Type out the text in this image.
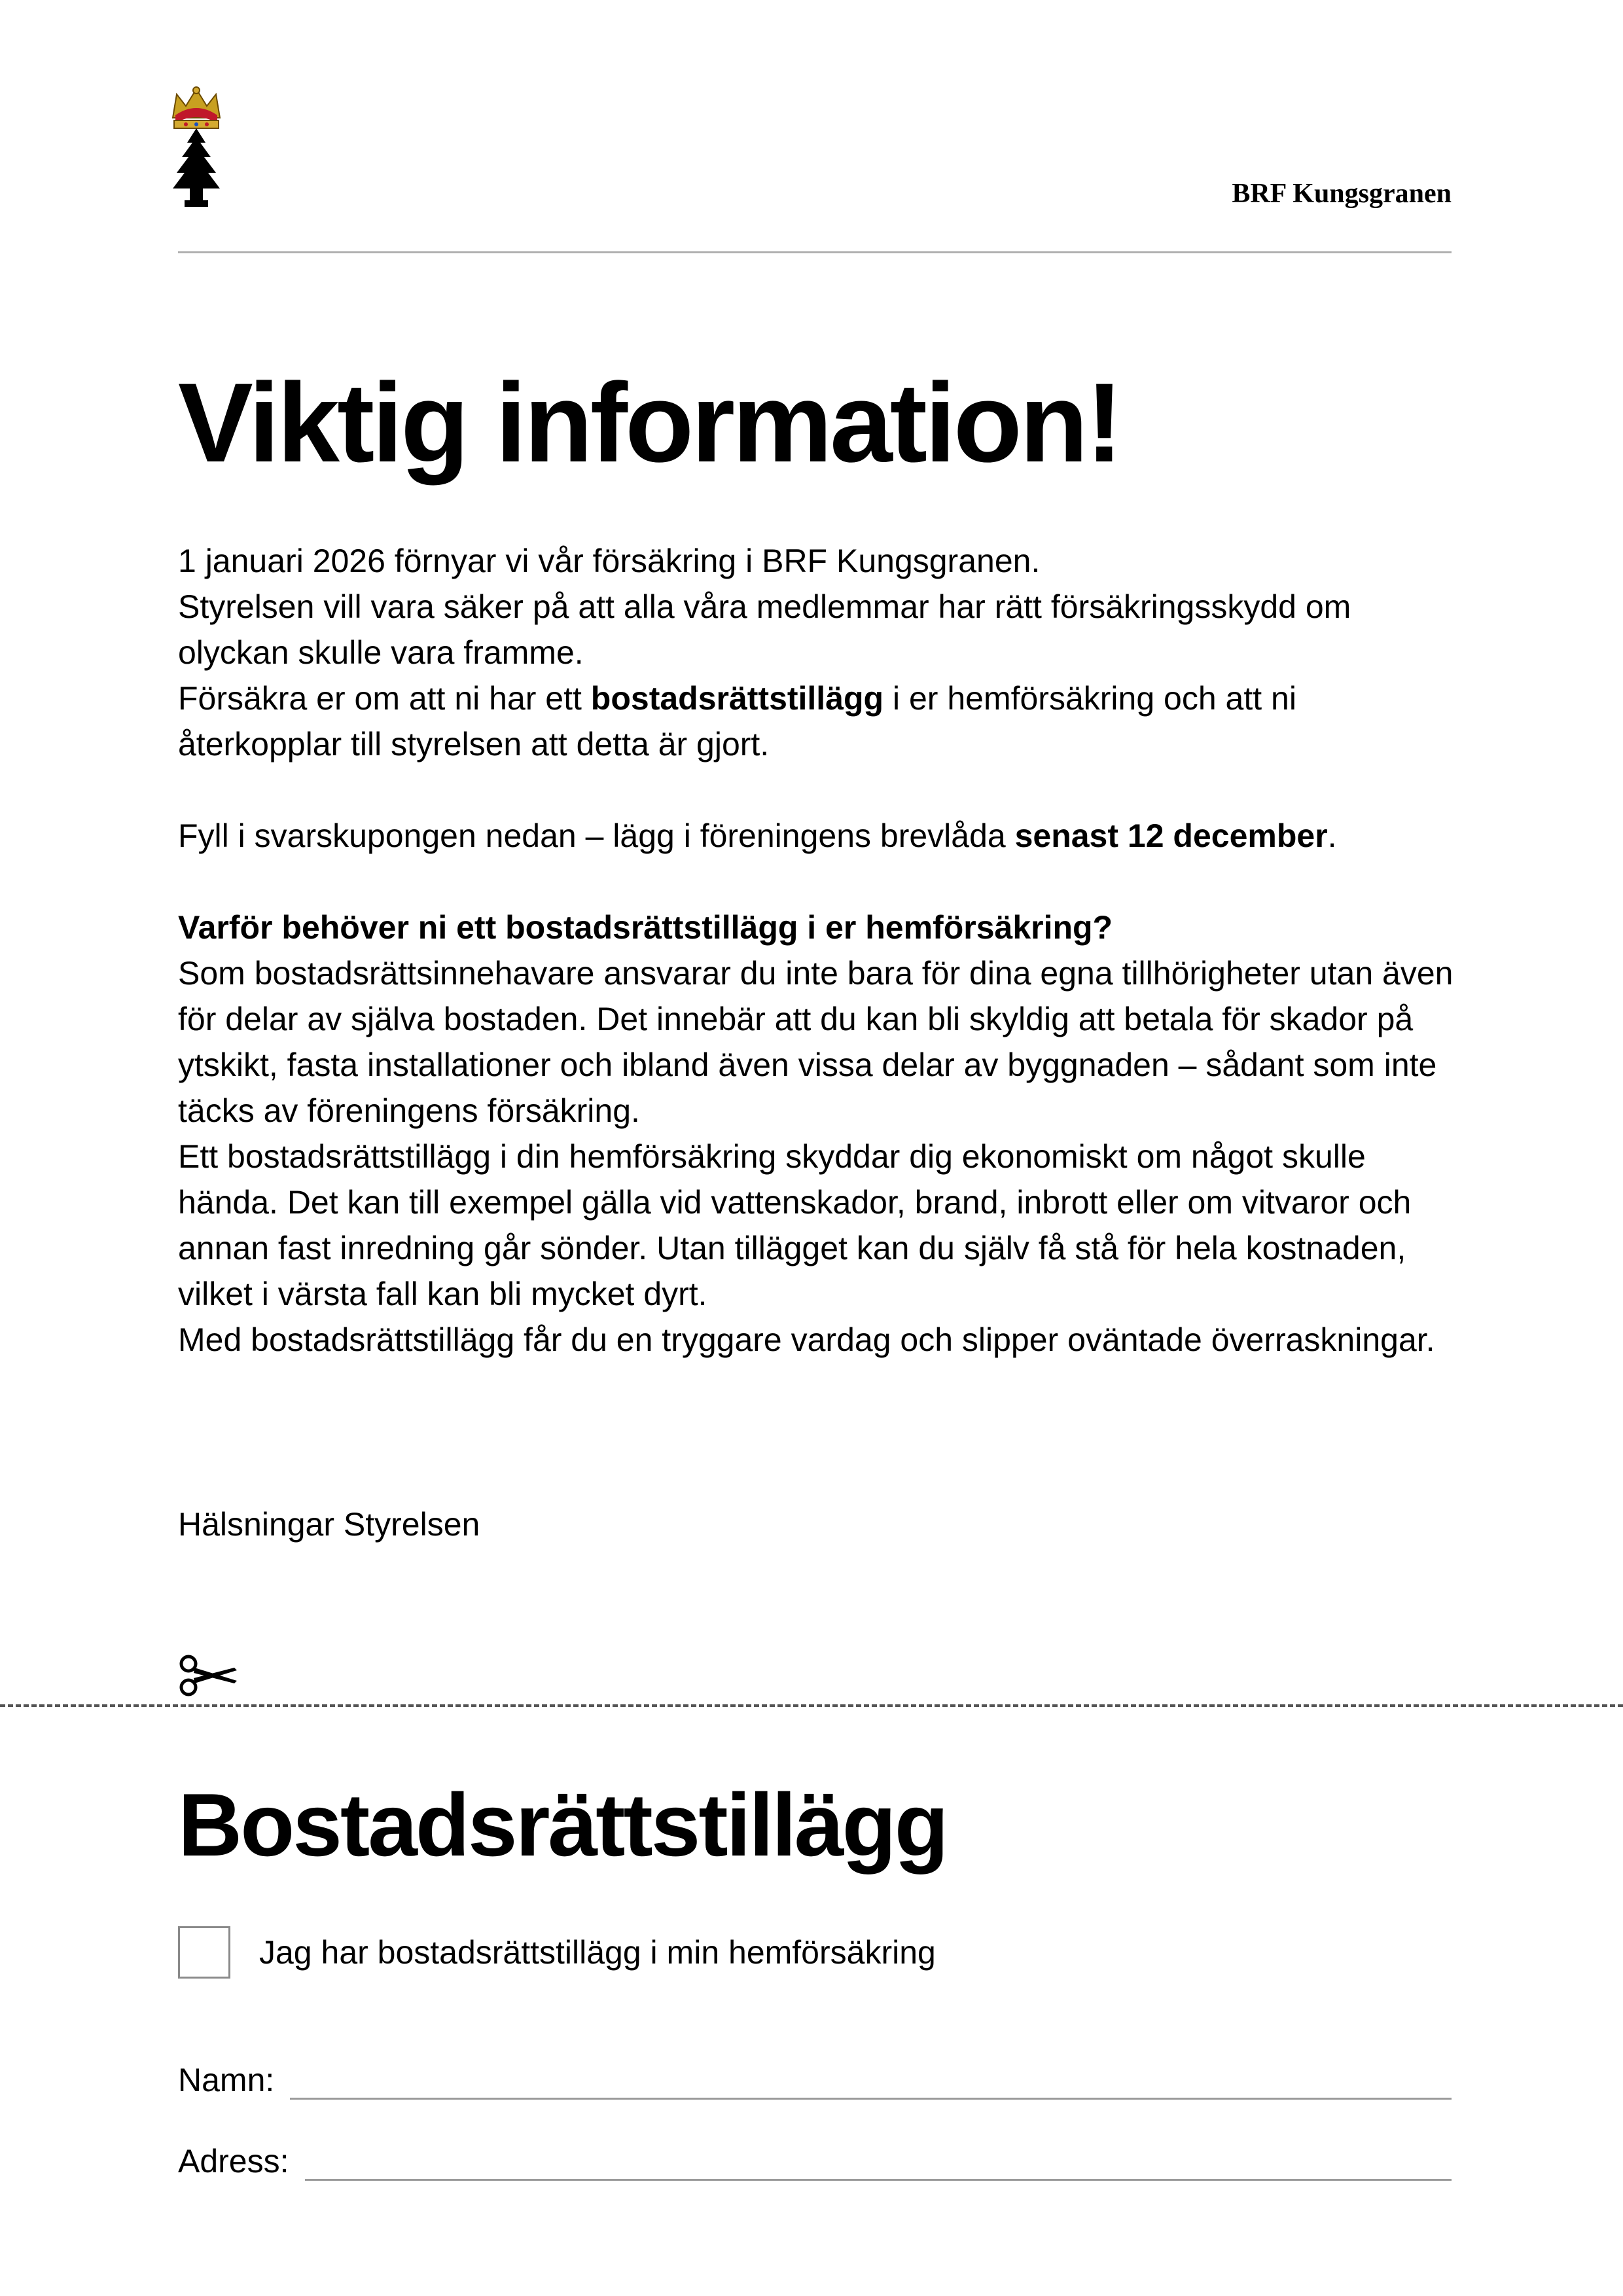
BRF Kungsgranen
Viktig information!

1 januari 2026 förnyar vi vår försäkring i BRF Kungsgranen.

Styrelsen vill vara säker på att alla våra medlemmar har rätt försäkringsskydd om olyckan skulle vara framme.

Försäkra er om att ni har ett bostadsrättstillägg i er hemförsäkring och att ni återkopplar till styrelsen att detta är gjort.

Fyll i svarskupongen nedan – lägg i föreningens brevlåda senast 12 december.

Varför behöver ni ett bostadsrättstillägg i er hemförsäkring?

Som bostadsrättsinnehavare ansvarar du inte bara för dina egna tillhörigheter utan även för delar av själva bostaden. Det innebär att du kan bli skyldig att betala för skador på ytskikt, fasta installationer och ibland även vissa delar av byggnaden – sådant som inte täcks av föreningens försäkring.

Ett bostadsrättstillägg i din hemförsäkring skyddar dig ekonomiskt om något skulle hända. Det kan till exempel gälla vid vattenskador, brand, inbrott eller om vitvaror och annan fast inredning går sönder. Utan tillägget kan du själv få stå för hela kostnaden, vilket i värsta fall kan bli mycket dyrt.

Med bostadsrättstillägg får du en tryggare vardag och slipper oväntade överraskningar.

Hälsningar Styrelsen

Bostadsrättstillägg
Jag har bostadsrättstillägg i min hemförsäkring
Namn:
Adress:
